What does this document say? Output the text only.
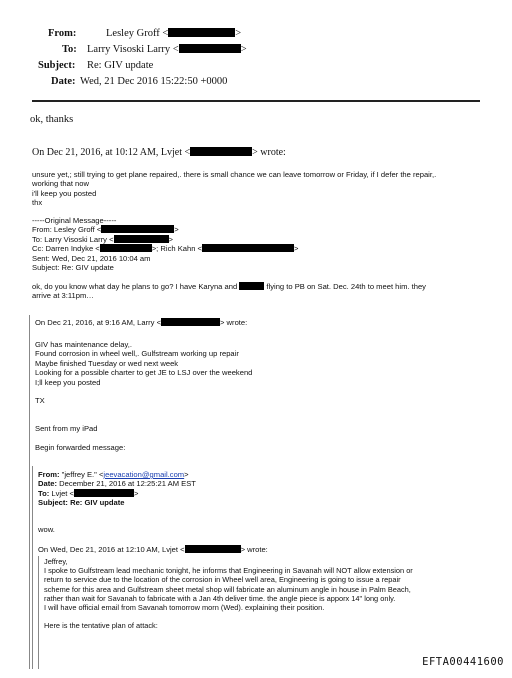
From:	Lesley Groff <	>
To: Larry Visoski Larry <	>
Subject: Re: GIV update
Date: Wed, 21 Dec 2016 15:22:50 +0000
ok, thanks
On Dec 21, 2016, at 10:12 AM, Lvjet <	> wrote:
unsure yet,; still trying to get plane repaired,. there is small chance we can leave tomorrow or Friday, if I defer the repair,.
working that now
i'll keep you posted
thx
-----Original Message-----
From: Lesley Groff <	>
To: Larry Visoski Larry <	>
Cc: Darren Indyke <	>; Rich Kahn <	>
Sent: Wed, Dec 21, 2016 10:04 am
Subject: Re: GIV update
ok, do you know what day he plans to go? I have Karyna and	flying to PB on Sat. Dec. 24th to meet him. they
arrive at 3:11pm…
On Dec 21, 2016, at 9:16 AM, Larry <	> wrote:
GIV has maintenance delay,.
Found corrosion in wheel well,. Gulfstream working up repair
Maybe finished Tuesday or wed next week
Looking for a possible charter to get JE to LSJ over the weekend
I;ll keep you posted
TX
Sent from my iPad
Begin forwarded message:
From: "jeffrey E." <jeevacation@gmail.com>
Date: December 21, 2016 at 12:25:21 AM EST
To: Lvjet <	>
Subject: Re: GIV update
wow.
On Wed, Dec 21, 2016 at 12:10 AM, Lvjet <	> wrote:
Jeffrey,
I spoke to Gulfstream lead mechanic tonight, he informs that Engineering in Savanah will NOT allow extension or
return to service due to the location of the corrosion in Wheel well area, Engineering is going to issue a repair
scheme for this area and Gulfstream sheet metal shop will fabricate an aluminum angle in house in Palm Beach,
rather than wait for Savanah to fabricate with a Jan 4th deliver time. the angle piece is apporx 14" long only.
I will have official email from Savanah tomorrow morn (Wed). explaining their position.
Here is the tentative plan of attack:
EFTA00441600
